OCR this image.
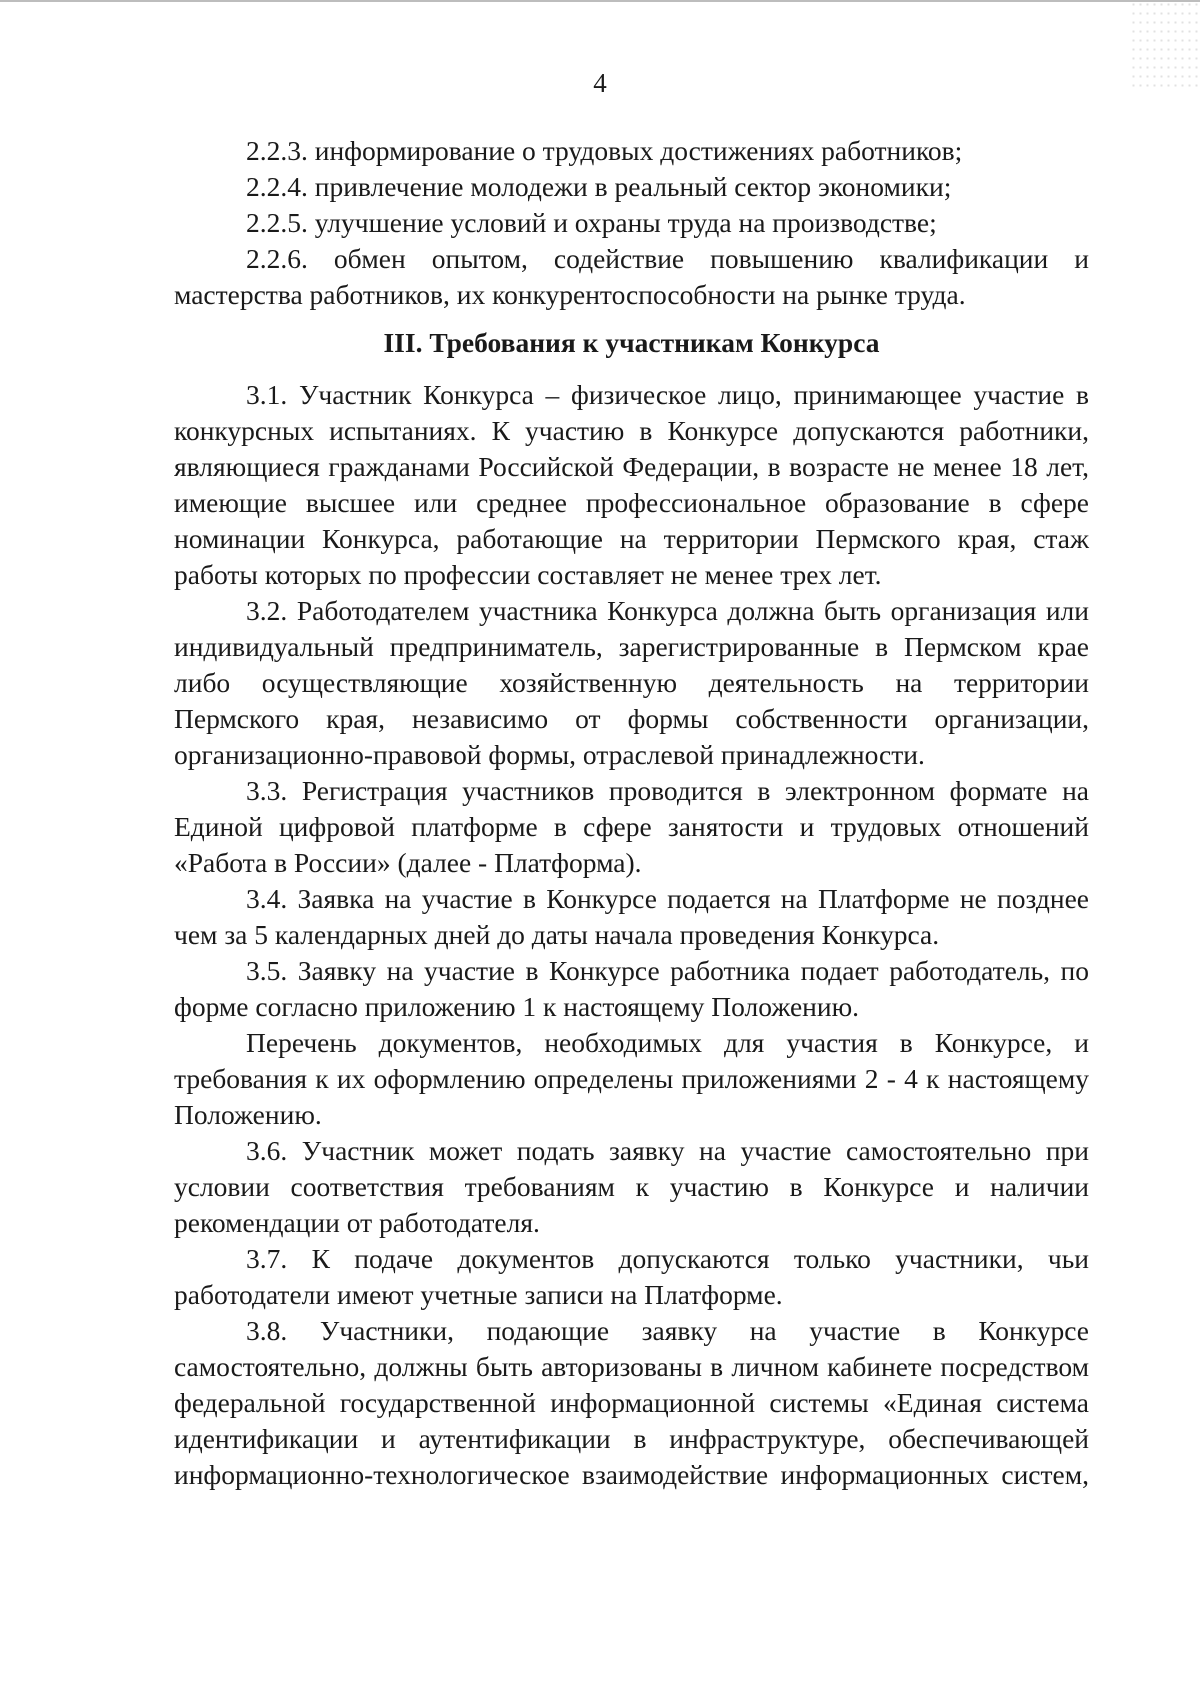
4

2.2.3. информирование о трудовых достижениях работников;

2.2.4. привлечение молодежи в реальный сектор экономики;

2.2.5. улучшение условий и охраны труда на производстве;

2.2.6. обмен опытом, содействие повышению квалификации и мастерства работников, их конкурентоспособности на рынке труда.

III. Требования к участникам Конкурса

3.1. Участник Конкурса – физическое лицо, принимающее участие в конкурсных испытаниях. К участию в Конкурсе допускаются работники, являющиеся гражданами Российской Федерации, в возрасте не менее 18 лет, имеющие высшее или среднее профессиональное образование в сфере номинации Конкурса, работающие на территории Пермского края, стаж работы которых по профессии составляет не менее трех лет.

3.2. Работодателем участника Конкурса должна быть организация или индивидуальный предприниматель, зарегистрированные в Пермском крае либо осуществляющие хозяйственную деятельность на территории Пермского края, независимо от формы собственности организации, организационно-правовой формы, отраслевой принадлежности.

3.3. Регистрация участников проводится в электронном формате на Единой цифровой платформе в сфере занятости и трудовых отношений «Работа в России» (далее - Платформа).

3.4. Заявка на участие в Конкурсе подается на Платформе не позднее чем за 5 календарных дней до даты начала проведения Конкурса.

3.5. Заявку на участие в Конкурсе работника подает работодатель, по форме согласно приложению 1 к настоящему Положению.

Перечень документов, необходимых для участия в Конкурсе, и требования к их оформлению определены приложениями 2 - 4 к настоящему Положению.

3.6. Участник может подать заявку на участие самостоятельно при условии соответствия требованиям к участию в Конкурсе и наличии рекомендации от работодателя.

3.7. К подаче документов допускаются только участники, чьи работодатели имеют учетные записи на Платформе.

3.8. Участники, подающие заявку на участие в Конкурсе самостоятельно, должны быть авторизованы в личном кабинете посредством федеральной государственной информационной системы «Единая система идентификации и аутентификации в инфраструктуре, обеспечивающей информационно-технологическое взаимодействие информационных систем,
